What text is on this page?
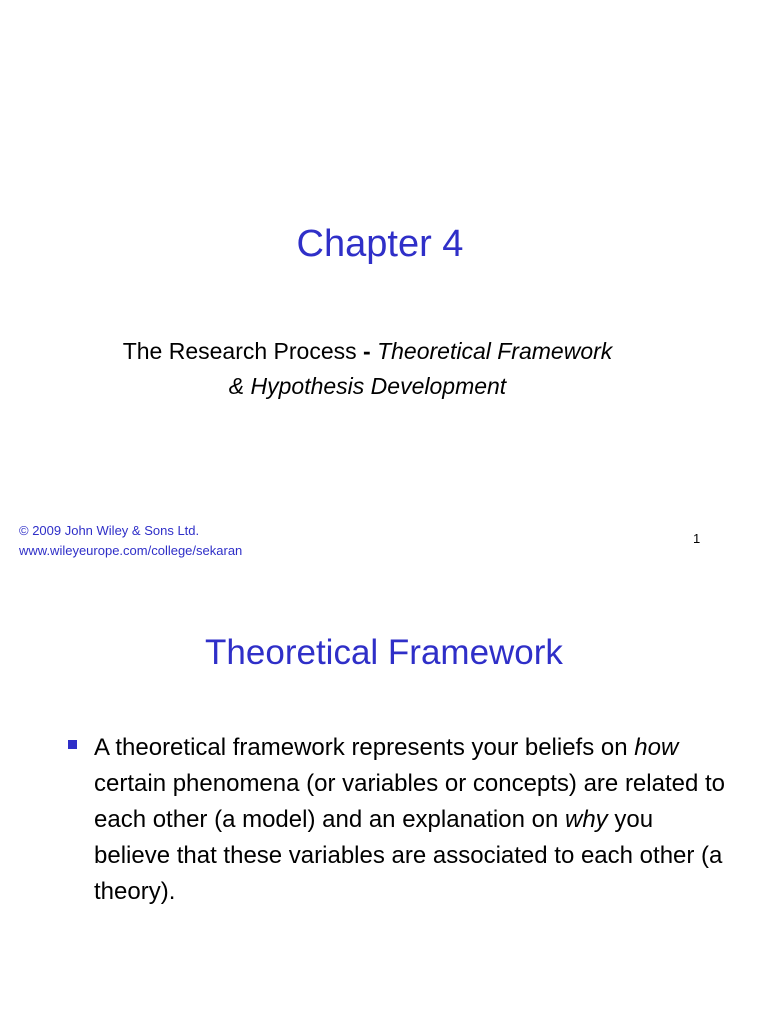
Chapter 4
The Research Process - Theoretical Framework
& Hypothesis Development
© 2009 John Wiley & Sons Ltd.
www.wileyeurope.com/college/sekaran
1
Theoretical Framework
A theoretical framework represents your beliefs on how certain phenomena (or variables or concepts) are related to each other (a model) and an explanation on why you believe that these variables are associated to each other (a theory).
